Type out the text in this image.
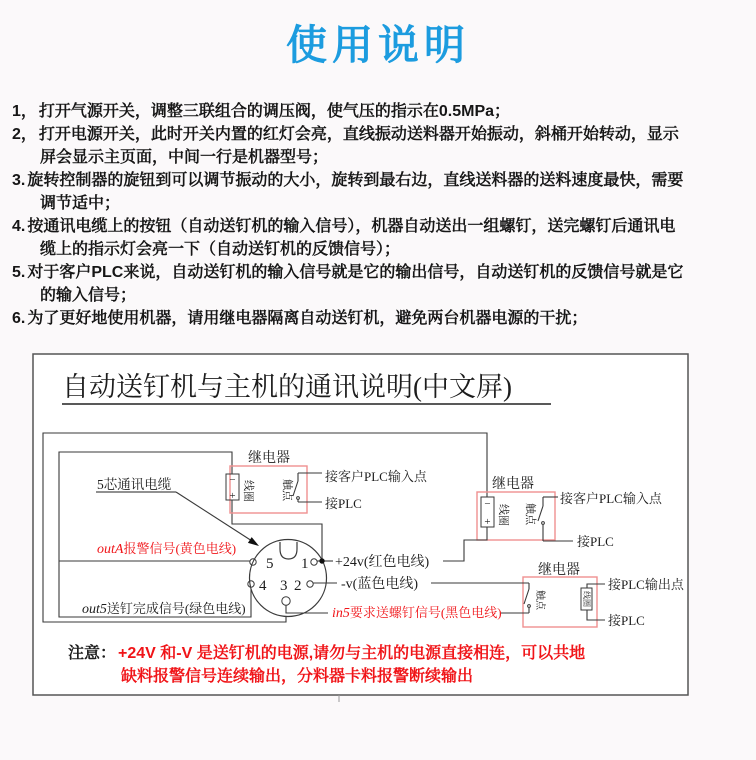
使用说明
1， 打开气源开关，调整三联组合的调压阀，使气压的指示在0.5MPa；
2， 打开电源开关，此时开关内置的红灯会亮，直线振动送料器开始振动，斜桶开始转动，显示
屏会显示主页面，中间一行是机器型号；
3. 旋转控制器的旋钮到可以调节振动的大小，旋转到最右边，直线送料器的送料速度最快，需要
调节适中；
4. 按通讯电缆上的按钮（自动送钉机的输入信号），机器自动送出一组螺钉，送完螺钉后通讯电
缆上的指示灯会亮一下（自动送钉机的反馈信号）；
5. 对于客户PLC来说，自动送钉机的输入信号就是它的输出信号，自动送钉机的反馈信号就是它
的输入信号；
6. 为了更好地使用机器，请用继电器隔离自动送钉机，避免两台机器电源的干扰；
自动送钉机与主机的通讯说明(中文屏)
继电器
−
+ 线圈 触点
接客户PLC输入点
接PLC
继电器
−
+ 线圈 触点
接客户PLC输入点
接PLC
继电器
触点	线圈
接PLC输出点
接PLC
5 1
4 3 2
5芯通讯电缆
outA报警信号(黄色电线)
out5送钉完成信号(绿色电线)	in5要求送螺钉信号(黑色电线)
+24v(红色电线)
-v(蓝色电线)
注意： +24V 和-V 是送钉机的电源,请勿与主机的电源直接相连，可以共地
缺料报警信号连续输出，分料器卡料报警断续输出
